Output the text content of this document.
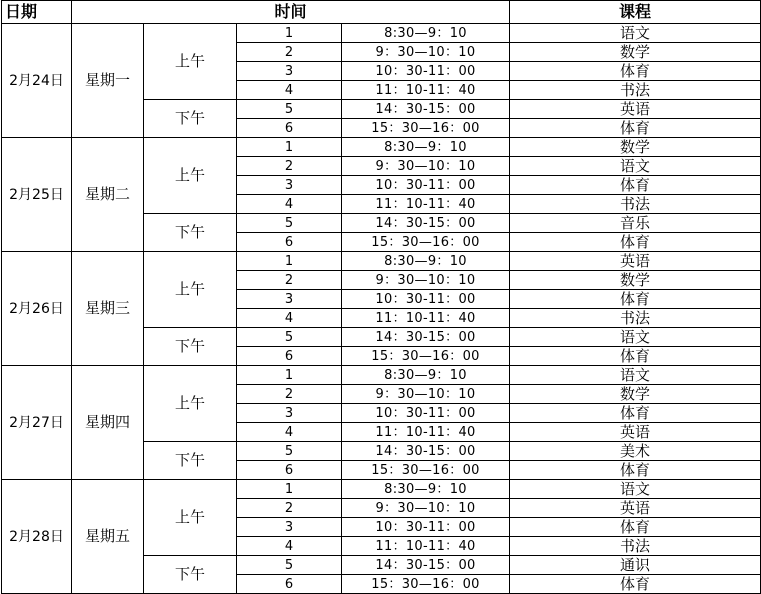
日期	时间				课程
2月24日	星期一	上午	1	8:30—9：10	语文
			2	9：30—10：10	数学
			3	10：30-11：00	体育
			4	11：10-11：40	书法
		下午	5	14：30-15：00	英语
			6	15：30—16：00	体育
2月25日	星期二	上午	1	8:30—9：10	数学
			2	9：30—10：10	语文
			3	10：30-11：00	体育
			4	11：10-11：40	书法
		下午	5	14：30-15：00	音乐
			6	15：30—16：00	体育
2月26日	星期三	上午	1	8:30—9：10	英语
			2	9：30—10：10	数学
			3	10：30-11：00	体育
			4	11：10-11：40	书法
		下午	5	14：30-15：00	语文
			6	15：30—16：00	体育
2月27日	星期四	上午	1	8:30—9：10	语文
			2	9：30—10：10	数学
			3	10：30-11：00	体育
			4	11：10-11：40	英语
		下午	5	14：30-15：00	美术
			6	15：30—16：00	体育
2月28日	星期五	上午	1	8:30—9：10	语文
			2	9：30—10：10	英语
			3	10：30-11：00	体育
			4	11：10-11：40	书法
		下午	5	14：30-15：00	通识
			6	15：30—16：00	体育
